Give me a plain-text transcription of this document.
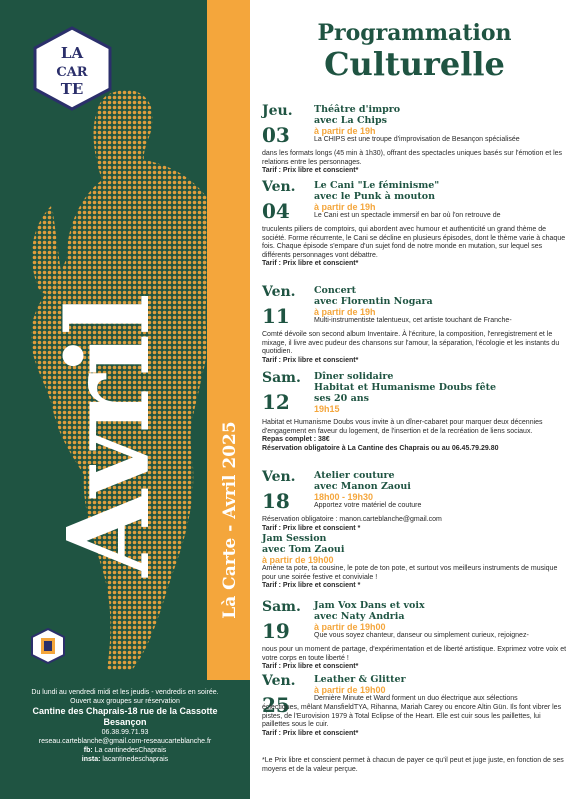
LA
CAR
TE
Avril	Là Carte - Avril 2025
Du lundi au vendredi midi et les jeudis - vendredis en soirée.
Ouvert aux groupes sur réservation
Cantine des Chaprais-18 rue de la Cassotte
Besançon
06.38.99.71.93
reseau.carteblanche@gmail.com-reseaucarteblanche.fr
fb: La cantinedesChaprais
insta: lacantinedeschaprais
Programmation
Culturelle
Jeu.
03
Théâtre d'impro
avec La Chips
à partir de 19h
La CHIPS est une troupe d'improvisation de Besançon spécialisée
dans les formats longs (45 min à 1h30), offrant des spectacles uniques basés sur l'émotion et les relations entre les personnages.
Tarif : Prix libre et conscient*
Ven.
04
Le Cani "Le féminisme"
avec le Punk à mouton
à partir de 19h
Le Cani est un spectacle immersif en bar où l'on retrouve de
truculents piliers de comptoirs, qui abordent avec humour et authenticité un grand thème de société. Forme récurrente, le Cani se décline en plusieurs épisodes, dont le thème varie à chaque fois. Chaque épisode s'empare d'un sujet fond de notre monde en mutation, sur lequel ses différents personnages vont débattre.
Tarif : Prix libre et conscient*
Ven.
11
Concert
avec Florentin Nogara
à partir de 19h
Multi-instrumentiste talentueux, cet artiste touchant de Franche-
Comté dévoile son second album Inventaire. À l'écriture, la composition, l'enregistrement et le mixage, il livre avec pudeur des chansons sur l'amour, la séparation, l'écologie et les instants du quotidien.
Tarif : Prix libre et conscient*
Sam.
12
Dîner solidaire
Habitat et Humanisme Doubs fête
ses 20 ans
19h15
Habitat et Humanisme Doubs vous invite à un dîner-cabaret pour marquer deux décennies d'engagement en faveur du logement, de l'insertion et de la recréation de liens sociaux.
Repas complet : 38€
Réservation obligatoire à La Cantine des Chaprais ou au 06.45.79.29.80
Ven.
18
Atelier couture
avec Manon Zaoui
18h00 - 19h30
Apportez votre matériel de couture
Réservation obligatoire : manon.carteblanche@gmail.com
Tarif : Prix libre et conscient *
Jam Session
avec Tom Zaoui
à partir de 19h00
Amène ta pote, ta cousine, le pote de ton pote, et surtout vos meilleurs instruments de musique pour une soirée festive et conviviale !
Tarif : Prix libre et conscient *
Sam.
19
Jam Vox Dans et voix
avec Naty Andria
à partir de 19h00
Que vous soyez chanteur, danseur ou simplement curieux, rejoignez-
nous pour un moment de partage, d'expérimentation et de liberté artistique. Exprimez votre voix et votre corps en toute liberté !
Tarif : Prix libre et conscient*
Ven.
25
Leather & Glitter
à partir de 19h00
Dernière Minute et Ward forment un duo électrique aux sélections
éclectiques, mêlant MansfieldTYA, Rihanna, Mariah Carey ou encore Altin Gün. Ils font vibrer les pistes, de l'Eurovision 1979 à Total Eclipse of the Heart. Elle est cuir sous les paillettes, lui paillettes sous le cuir.
Tarif : Prix libre et conscient*
*Le Prix libre et conscient permet à chacun de payer ce qu'il peut et juge juste, en fonction de ses moyens et de la valeur perçue.
